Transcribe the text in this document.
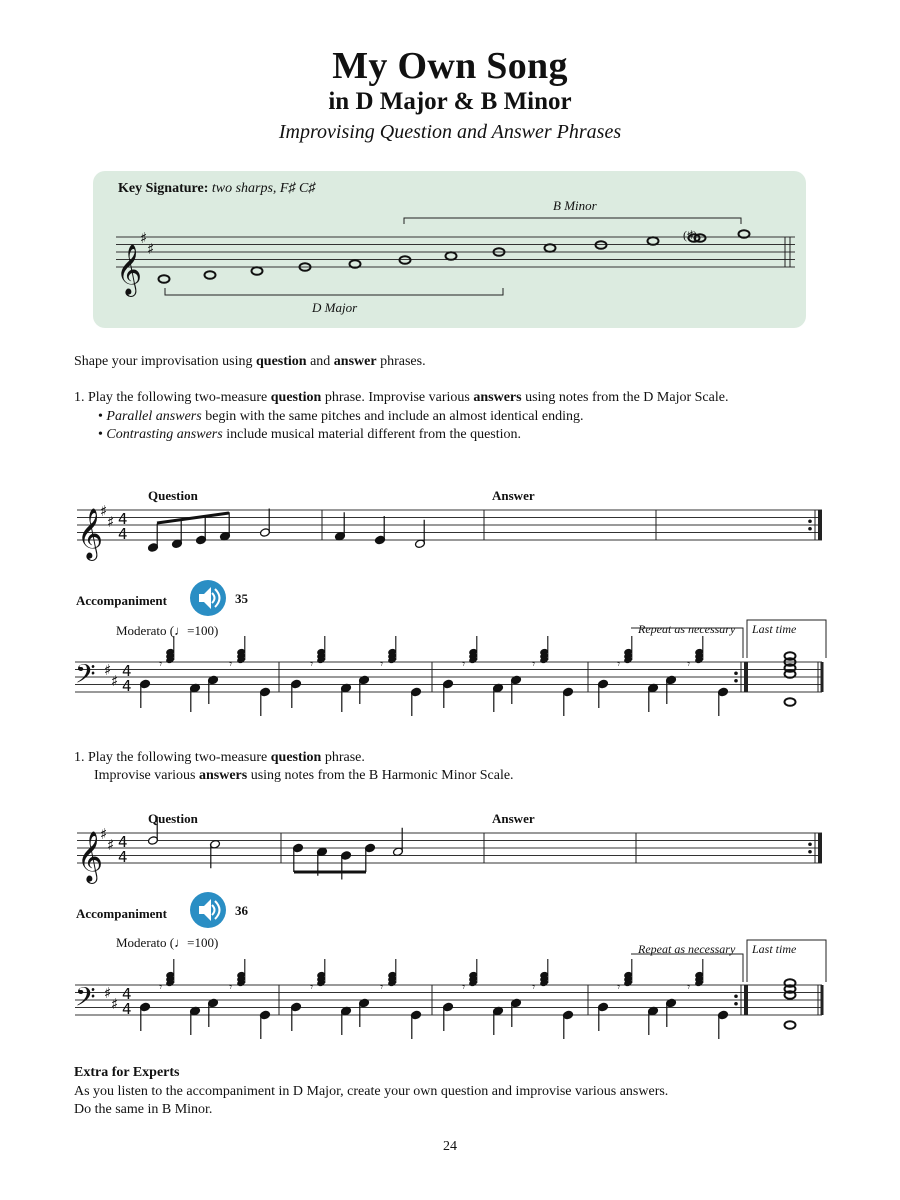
My Own Song
in D Major & B Minor
Improvising Question and Answer Phrases
Key Signature: two sharps, F♯ C♯
B Minor
D Major
(♯)
Shape your improvisation using question and answer phrases.
1. Play the following two-measure question phrase. Improvise various answers using notes from the D Major Scale.
• Parallel answers begin with the same pitches and include an almost identical ending.
• Contrasting answers include musical material different from the question.
Question	Answer
Accompaniment	35
Moderato (♩=100)	Repeat as necessary Last time
1. Play the following two-measure question phrase.
Improvise various answers using notes from the B Harmonic Minor Scale.
Question	Answer
Accompaniment	36
Moderato (♩=100)	Repeat as necessary Last time
Extra for Experts
As you listen to the accompaniment in D Major, create your own question and improvise various answers.
Do the same in B Minor.
24
𝄞
♯
♯
𝄞
♯
♯ 4
4
𝄢 ♯
♯
4
4
𝄾	𝄾	𝄾	𝄾	𝄾	𝄾	𝄾	𝄾
𝄞
♯
♯ 4
4
𝄢 ♯
♯
4
4
𝄾	𝄾	𝄾	𝄾	𝄾	𝄾	𝄾	𝄾
